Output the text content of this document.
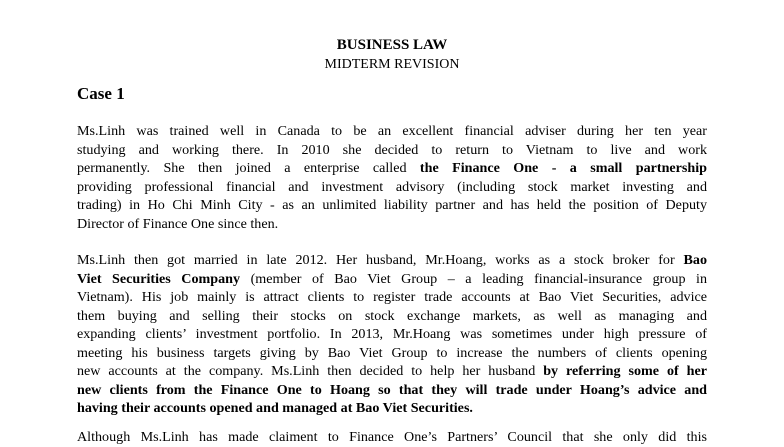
BUSINESS LAW
MIDTERM REVISION
Case 1
Ms.Linh was trained well in Canada to be an excellent financial adviser during her ten year
studying and working there. In 2010 she decided to return to Vietnam to live and work
permanently. She then joined a enterprise called the Finance One - a small partnership
providing professional financial and investment advisory (including stock market investing and
trading) in Ho Chi Minh City - as an unlimited liability partner and has held the position of Deputy
Director of Finance One since then.
Ms.Linh then got married in late 2012. Her husband, Mr.Hoang, works as a stock broker for Bao
Viet Securities Company (member of Bao Viet Group – a leading financial-insurance group in
Vietnam). His job mainly is attract clients to register trade accounts at Bao Viet Securities, advice
them buying and selling their stocks on stock exchange markets, as well as managing and
expanding clients’ investment portfolio. In 2013, Mr.Hoang was sometimes under high pressure of
meeting his business targets giving by Bao Viet Group to increase the numbers of clients opening
new accounts at the company. Ms.Linh then decided to help her husband by referring some of her
new clients from the Finance One to Hoang so that they will trade under Hoang’s advice and
having their accounts opened and managed at Bao Viet Securities.
Although Ms.Linh has made claiment to Finance One’s Partners’ Council that she only did this
